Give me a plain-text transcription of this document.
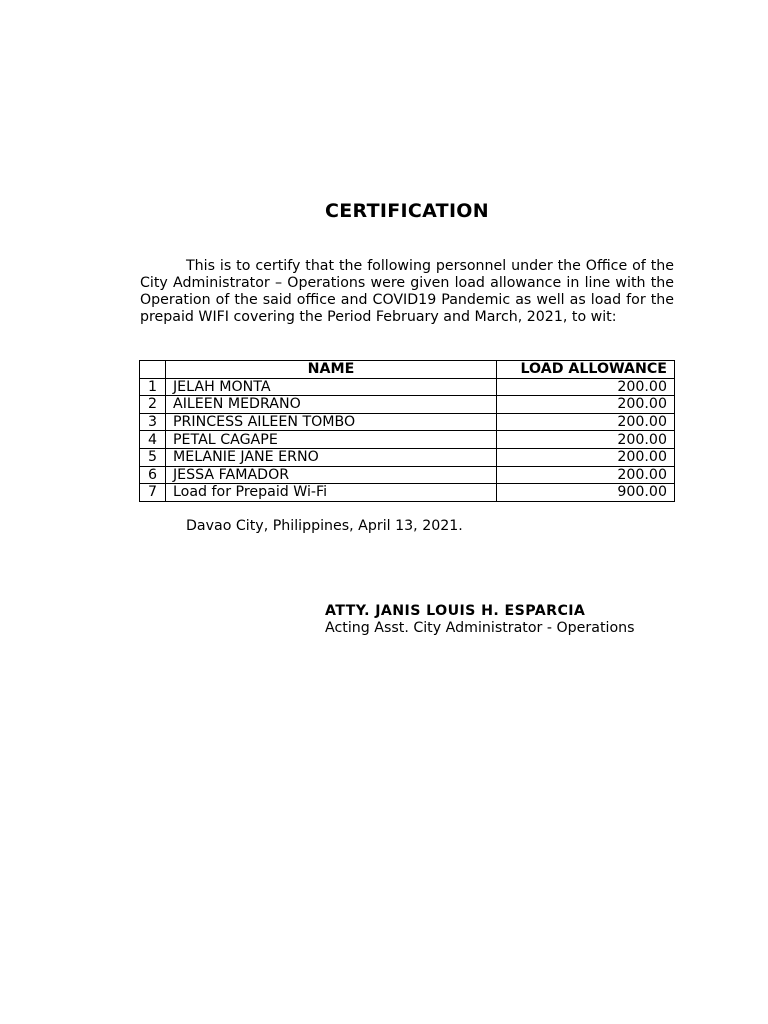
CERTIFICATION

This is to certify that the following personnel under the Office of the City Administrator – Operations were given load allowance in line with the Operation of the said office and COVID19 Pandemic as well as load for the prepaid WIFI covering the Period February and March, 2021, to wit:

	NAME	LOAD ALLOWANCE
1	JELAH MONTA	200.00
2	AILEEN MEDRANO	200.00
3	PRINCESS AILEEN TOMBO	200.00
4	PETAL CAGAPE	200.00
5	MELANIE JANE ERNO	200.00
6	JESSA FAMADOR	200.00
7	Load for Prepaid Wi-Fi	900.00

Davao City, Philippines, April 13, 2021.

ATTY. JANIS LOUIS H. ESPARCIA

Acting Asst. City Administrator - Operations
